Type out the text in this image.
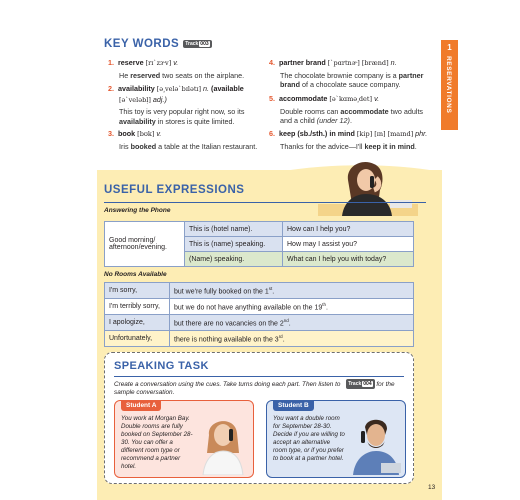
KEY WORDS Track 003
1. reserve [rɪˋzɝv] v.
He reserved two seats on the airplane.
2. availability [ə͵veləˋbɪlətɪ] n. (available
[əˋveləbḷ] adj.)
This toy is very popular right now, so its availability in stores is quite limited.
3. book [bʊk] v.
Iris booked a table at the Italian restaurant.
4. partner brand [ˋpɑrtnɚ] [brænd] n.
The chocolate brownie company is a partner brand of a chocolate sauce company.
5. accommodate [əˋkɑmə͵det] v.
Double rooms can accommodate two adults and a child (under 12).
6. keep (sb./sth.) in mind [kip] [ɪn] [maɪnd] phr.
Thanks for the advice—I'll keep it in mind.
1
RESERVATIONS
USEFUL EXPRESSIONS
Answering the Phone
Good morning/
afternoon/evening.	This is (hotel name).	How can I help you?
	This is (name) speaking.	How may I assist you?
	(Name) speaking.	What can I help you with today?
No Rooms Available
I'm sorry,	but we're fully booked on the 1st.
I'm terribly sorry,	but we do not have anything available on the 19th.
I apologize,	but there are no vacancies on the 2nd.
Unfortunately,	there is nothing available on the 3rd.
SPEAKING TASK
Create a conversation using the cues. Take turns doing each part. Then listen to Track 004 for the sample conversation.
Student A
You work at Morgan Bay. Double rooms are fully booked on September 28-30. You can offer a different room type or recommend a partner hotel.
Student B
You want a double room for September 28-30. Decide if you are willing to accept an alternative room type, or if you prefer to book at a partner hotel.
13
